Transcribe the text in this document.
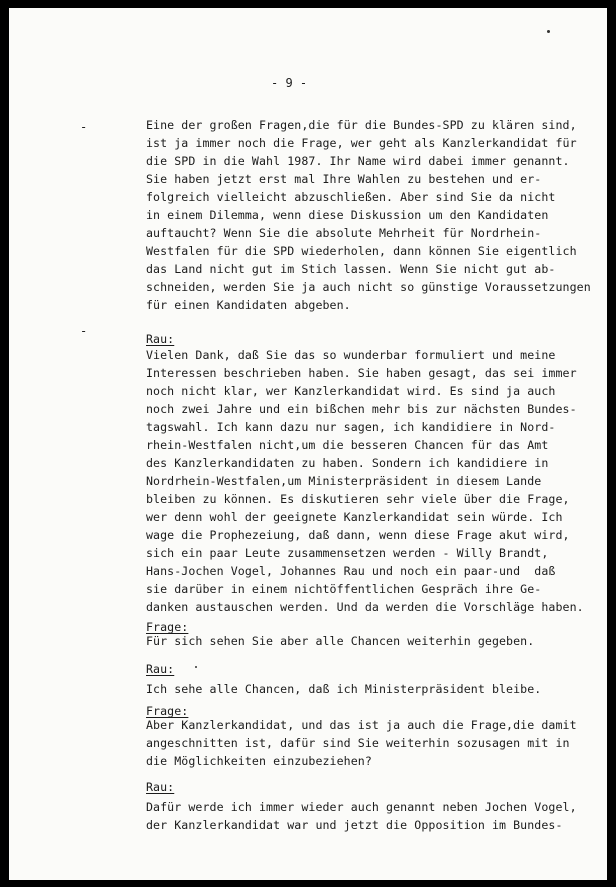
- 9 -
-
-
Eine der großen Fragen,die für die Bundes-SPD zu klären sind,
ist ja immer noch die Frage, wer geht als Kanzlerkandidat für
die SPD in die Wahl 1987. Ihr Name wird dabei immer genannt.
Sie haben jetzt erst mal Ihre Wahlen zu bestehen und er-
folgreich vielleicht abzuschließen. Aber sind Sie da nicht
in einem Dilemma, wenn diese Diskussion um den Kandidaten
auftaucht? Wenn Sie die absolute Mehrheit für Nordrhein-
Westfalen für die SPD wiederholen, dann können Sie eigentlich
das Land nicht gut im Stich lassen. Wenn Sie nicht gut ab-
schneiden, werden Sie ja auch nicht so günstige Voraussetzungen
für einen Kandidaten abgeben.
Rau:
Vielen Dank, daß Sie das so wunderbar formuliert und meine
Interessen beschrieben haben. Sie haben gesagt, das sei immer
noch nicht klar, wer Kanzlerkandidat wird. Es sind ja auch
noch zwei Jahre und ein bißchen mehr bis zur nächsten Bundes-
tagswahl. Ich kann dazu nur sagen, ich kandidiere in Nord-
rhein-Westfalen nicht,um die besseren Chancen für das Amt
des Kanzlerkandidaten zu haben. Sondern ich kandidiere in
Nordrhein-Westfalen,um Ministerpräsident in diesem Lande
bleiben zu können. Es diskutieren sehr viele über die Frage,
wer denn wohl der geeignete Kanzlerkandidat sein würde. Ich
wage die Prophezeiung, daß dann, wenn diese Frage akut wird,
sich ein paar Leute zusammensetzen werden - Willy Brandt,
Hans-Jochen Vogel, Johannes Rau und noch ein paar-und  daß
sie darüber in einem nichtöffentlichen Gespräch ihre Ge-
danken austauschen werden. Und da werden die Vorschläge haben.
Frage:
Für sich sehen Sie aber alle Chancen weiterhin gegeben.
Rau:
Ich sehe alle Chancen, daß ich Ministerpräsident bleibe.
Frage:
Aber Kanzlerkandidat, und das ist ja auch die Frage,die damit
angeschnitten ist, dafür sind Sie weiterhin sozusagen mit in
die Möglichkeiten einzubeziehen?
Rau:
Dafür werde ich immer wieder auch genannt neben Jochen Vogel,
der Kanzlerkandidat war und jetzt die Opposition im Bundes-
